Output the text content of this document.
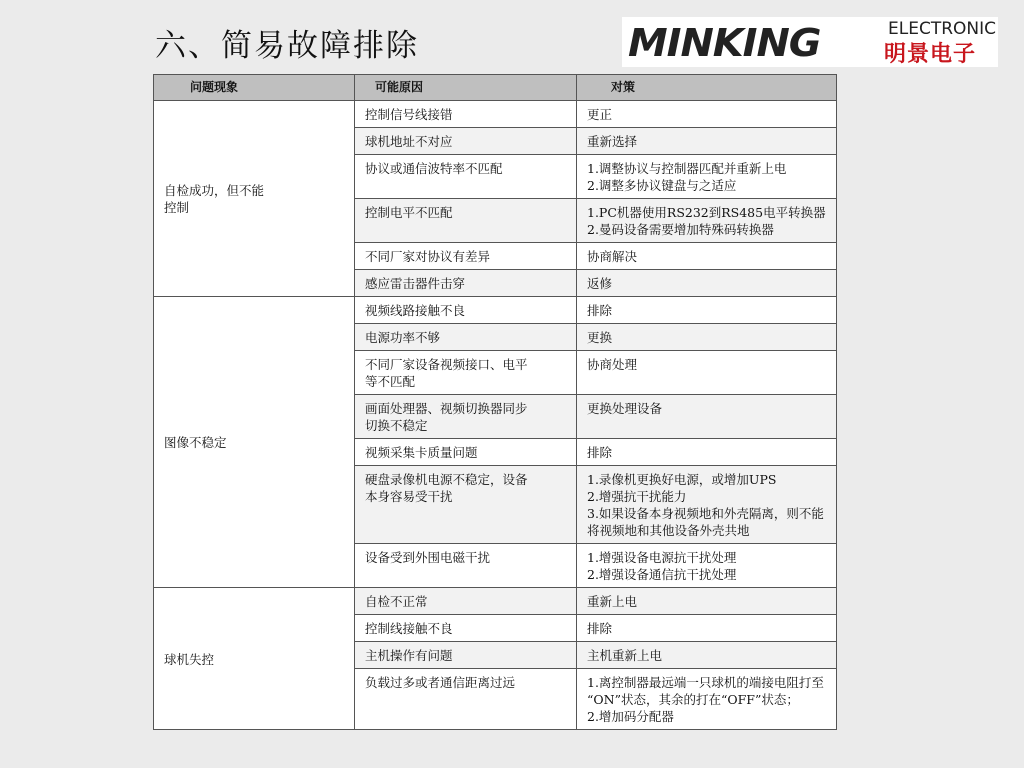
六、简易故障排除	MINKING	ELECTRONIC
明景电子
问题现象	可能原因	对策
自检成功，但不能
控制	控制信号线接错	更正
	球机地址不对应	重新选择
	协议或通信波特率不匹配	1.调整协议与控制器匹配并重新上电
2.调整多协议键盘与之适应
	控制电平不匹配	1.PC机器使用RS232到RS485电平转换器
2.曼码设备需要增加特殊码转换器
	不同厂家对协议有差异	协商解决
	感应雷击器件击穿	返修
图像不稳定	视频线路接触不良	排除
	电源功率不够	更换
	不同厂家设备视频接口、电平
等不匹配	协商处理
	画面处理器、视频切换器同步
切换不稳定	更换处理设备
	视频采集卡质量问题	排除
	硬盘录像机电源不稳定，设备
本身容易受干扰	1.录像机更换好电源，或增加UPS
2.增强抗干扰能力
3.如果设备本身视频地和外壳隔离，则不能
将视频地和其他设备外壳共地
	设备受到外围电磁干扰	1.增强设备电源抗干扰处理
2.增强设备通信抗干扰处理
球机失控	自检不正常	重新上电
	控制线接触不良	排除
	主机操作有问题	主机重新上电
	负载过多或者通信距离过远	1.离控制器最远端一只球机的端接电阻打至
“ON”状态，其余的打在“OFF”状态；
2.增加码分配器
